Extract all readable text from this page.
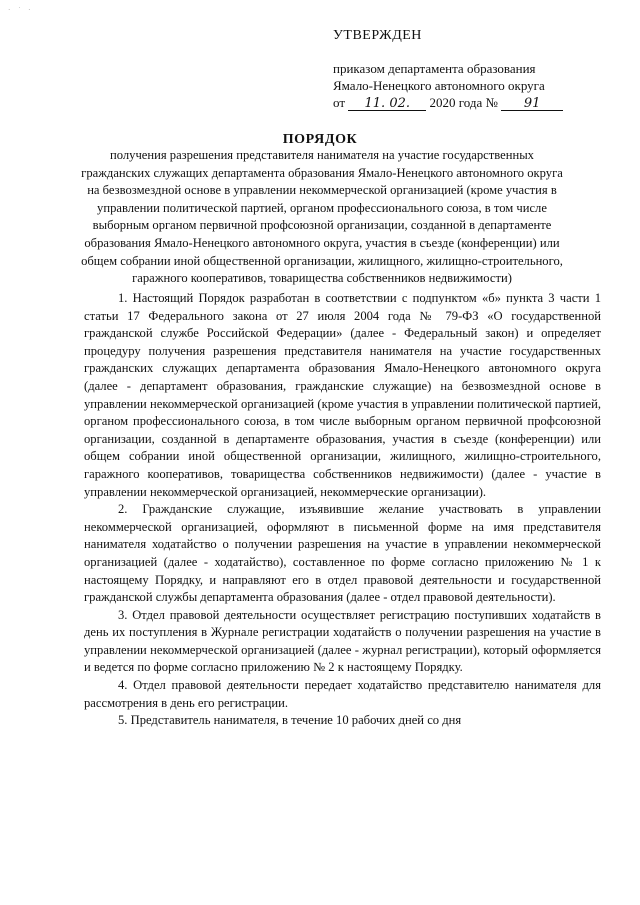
· ˙ ·
УТВЕРЖДЕН
приказом департамента образования
Ямало-Ненецкого автономного округа
от 11. 02. 2020 года № 91
ПОРЯДОК
получения разрешения представителя нанимателя на участие государственных гражданских служащих департамента образования Ямало-Ненецкого автономного округа на безвозмездной основе в управлении некоммерческой организацией (кроме участия в управлении политической партией, органом профессионального союза, в том числе выборным органом первичной профсоюзной организации, созданной в департаменте образования Ямало-Ненецкого автономного округа, участия в съезде (конференции) или общем собрании иной общественной организации, жилищного, жилищно-строительного, гаражного кооперативов, товарищества собственников недвижимости)

1. Настоящий Порядок разработан в соответствии с подпунктом «б» пункта 3 части 1 статьи 17 Федерального закона от 27 июля 2004 года № 79-ФЗ «О государственной гражданской службе Российской Федерации» (далее - Федеральный закон) и определяет процедуру получения разрешения представителя нанимателя на участие государственных гражданских служащих департамента образования Ямало-Ненецкого автономного округа (далее - департамент образования, гражданские служащие) на безвозмездной основе в управлении некоммерческой организацией (кроме участия в управлении политической партией, органом профессионального союза, в том числе выборным органом первичной профсоюзной организации, созданной в департаменте образования, участия в съезде (конференции) или общем собрании иной общественной организации, жилищного, жилищно-строительного, гаражного кооперативов, товарищества собственников недвижимости) (далее - участие в управлении некоммерческой организацией, некоммерческие организации).

2. Гражданские служащие, изъявившие желание участвовать в управлении некоммерческой организацией, оформляют в письменной форме на имя представителя нанимателя ходатайство о получении разрешения на участие в управлении некоммерческой организацией (далее - ходатайство), составленное по форме согласно приложению № 1 к настоящему Порядку, и направляют его в отдел правовой деятельности и государственной гражданской службы департамента образования (далее - отдел правовой деятельности).

3. Отдел правовой деятельности осуществляет регистрацию поступивших ходатайств в день их поступления в Журнале регистрации ходатайств о получении разрешения на участие в управлении некоммерческой организацией (далее - журнал регистрации), который оформляется и ведется по форме согласно приложению № 2 к настоящему Порядку.

4. Отдел правовой деятельности передает ходатайство представителю нанимателя для рассмотрения в день его регистрации.

5. Представитель нанимателя, в течение 10 рабочих дней со дня
